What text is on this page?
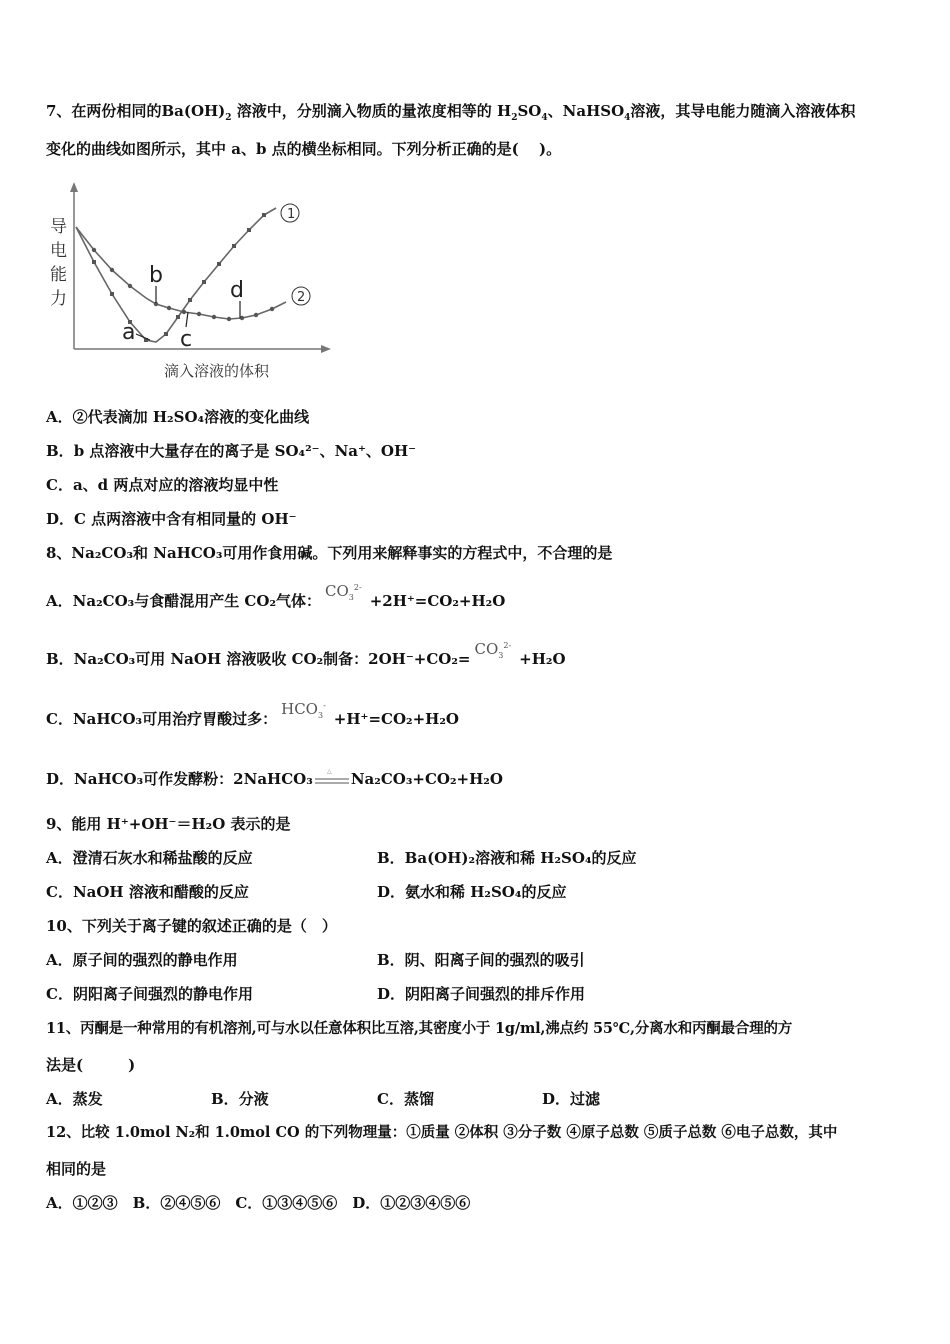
7、在两份相同的$Ba(OH)_2$ 溶液中，分别滴入物质的量浓度相等的 $H_2SO_4$、NaHSO$_4$溶液，其导电能力随滴入溶液体积
变化的曲线如图所示，其中 a、b 点的横坐标相同。下列分析正确的是(　 )。
导
电
能
力
滴入溶液的体积
1
2
b
d
a c
A．②代表滴加 H₂SO₄溶液的变化曲线
B．b 点溶液中大量存在的离子是 SO₄²⁻、Na⁺、OH⁻
C．a、d 两点对应的溶液均显中性
D．C 点两溶液中含有相同量的 OH⁻
8、Na₂CO₃和 NaHCO₃可用作食用碱。下列用来解释事实的方程式中，不合理的是
A．Na₂CO₃与食醋混用产生 CO₂气体：$CO_3^{2-}+2H^+=CO_2+H_2O$
B．Na₂CO₃可用 NaOH 溶液吸收 CO₂制备：$2OH^-+CO_2=CO_3^{2-}+H_2O$
C．NaHCO₃可用治疗胃酸过多：$HCO_3^-+H^+=CO_2+H_2O$
D．NaHCO₃可作发酵粉：2NaHCO₃ △ Na₂CO₃+CO₂+H₂O
9、能用 H⁺+OH⁻＝H₂O 表示的是
A．澄清石灰水和稀盐酸的反应	B．Ba(OH)₂溶液和稀 H₂SO₄的反应
C．NaOH 溶液和醋酸的反应	D．氨水和稀 H₂SO₄的反应
10、下列关于离子键的叙述正确的是（　）
A．原子间的强烈的静电作用	B．阴、阳离子间的强烈的吸引
C．阴阳离子间强烈的静电作用	D．阴阳离子间强烈的排斥作用
11、丙酮是一种常用的有机溶剂,可与水以任意体积比互溶,其密度小于 1g/ml,沸点约 55℃,分离水和丙酮最合理的方
法是(　　　)
A．蒸发	B．分液	C．蒸馏	D．过滤
12、比较 1.0mol N₂和 1.0mol CO 的下列物理量：①质量 ②体积 ③分子数 ④原子总数 ⑤质子总数 ⑥电子总数，其中
相同的是
A．①②③　B．②④⑤⑥　C．①③④⑤⑥　D．①②③④⑤⑥
